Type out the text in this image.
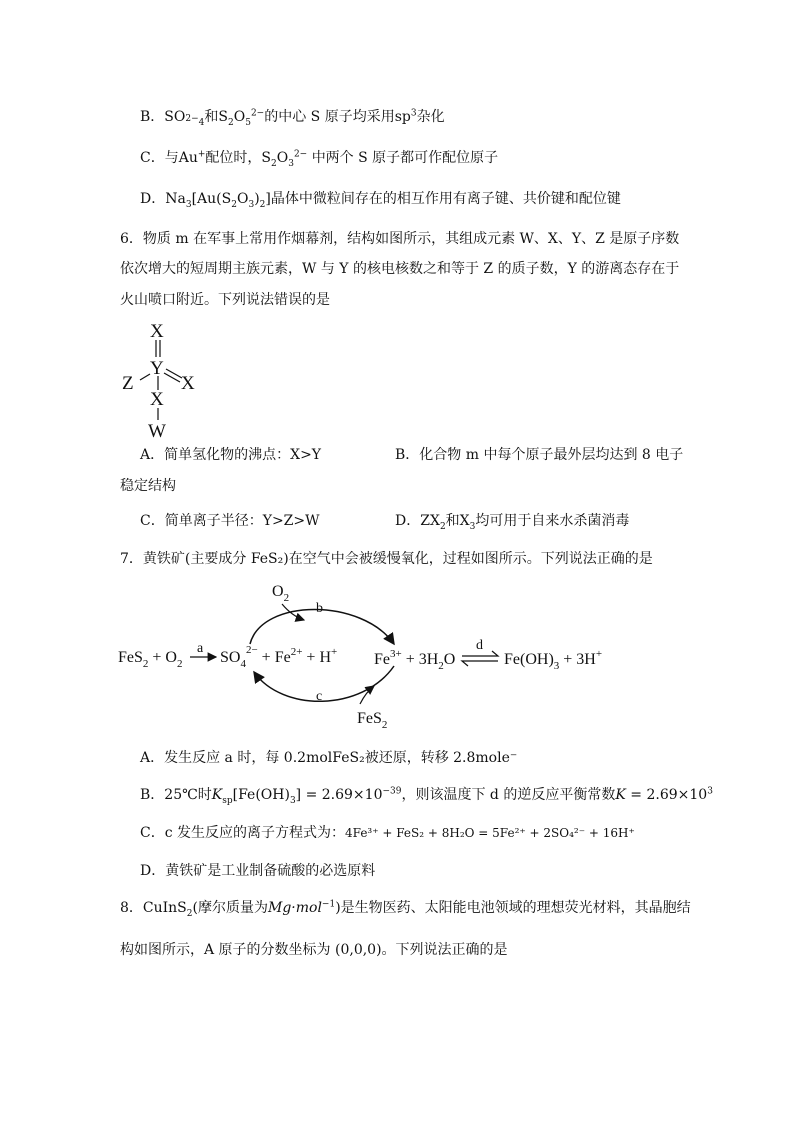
B．$SO_{^{2-}4}$和$S_2O_5^{2-}$的中心 S 原子均采用$sp^3$杂化
C．与Au+配位时，$S_2O_3^{2-}$ 中两个 S 原子都可作配位原子
D．$Na_3[Au(S_2O_3)_2]$晶体中微粒间存在的相互作用有离子键、共价键和配位键
6．物质 m 在军事上常用作烟幕剂，结构如图所示，其组成元素 W、X、Y、Z 是原子序数
依次增大的短周期主族元素，W 与 Y 的核电核数之和等于 Z 的质子数，Y 的游离态存在于
火山喷口附近。下列说法错误的是
X
Y
X
Z
X
W
A．简单氢化物的沸点：X>Y	B．化合物 m 中每个原子最外层均达到 8 电子
稳定结构
C．简单离子半径：Y>Z>W	D．$ZX_2$和$X_3$均可用于自来水杀菌消毒
7．黄铁矿(主要成分 FeS₂)在空气中会被缓慢氧化，过程如图所示。下列说法正确的是
$O_2$
b
c
FeS$_2$
$FeS_2 + O_2$
a
$SO_4^{2-} + Fe^{2+} + H^+$ $Fe^{3+} + 3H_2O$
d
$Fe(OH)_3 + 3H^+$
A．发生反应 a 时，每 0.2molFeS₂被还原，转移 2.8mole⁻
B．25℃时$K_{sp}[Fe(OH)_3] = 2.69\times 10^{-39}$，则该温度下 d 的逆反应平衡常数$K = 2.69\times 10^3$
C．c 发生反应的离子方程式为：4Fe³⁺ + FeS₂ + 8H₂O = 5Fe²⁺ + 2SO₄²⁻ + 16H⁺
D．黄铁矿是工业制备硫酸的必选原料
8．CuInS$_2$(摩尔质量为Mg·mol$^{-1}$)是生物医药、太阳能电池领域的理想荧光材料，其晶胞结
构如图所示，A 原子的分数坐标为 (0,0,0)。下列说法正确的是
